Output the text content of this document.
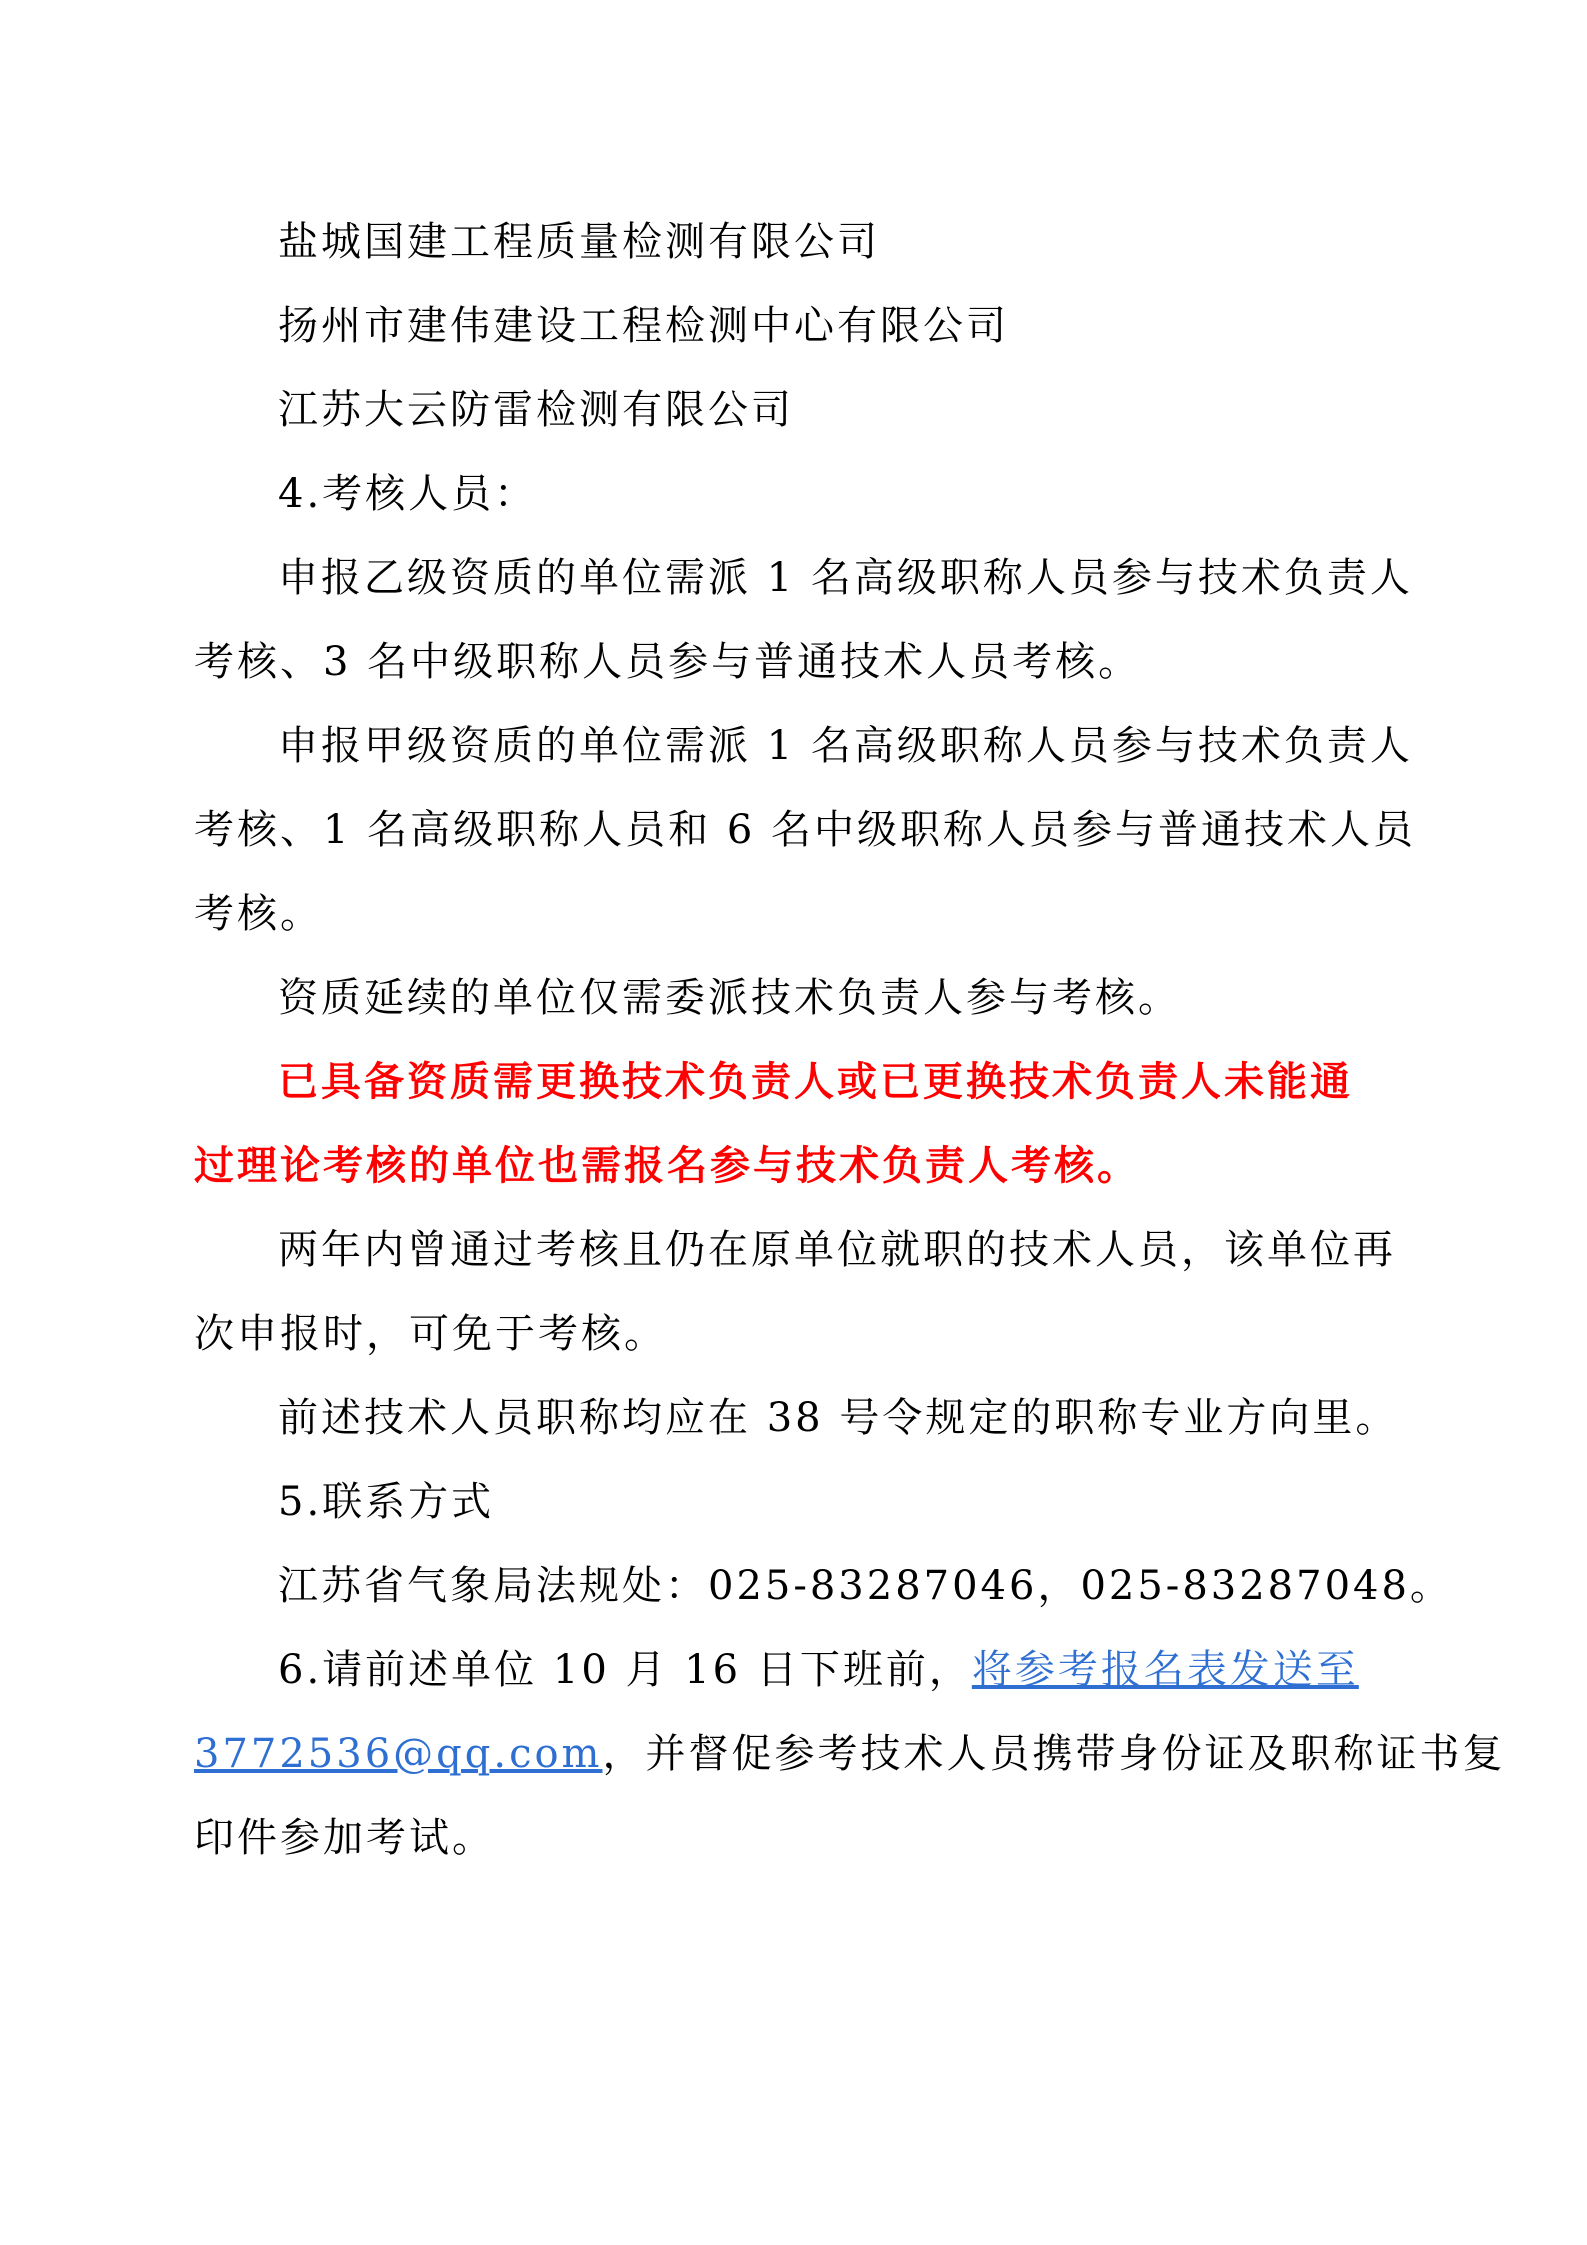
盐城国建工程质量检测有限公司
扬州市建伟建设工程检测中心有限公司
江苏大云防雷检测有限公司
4.考核人员：
申报乙级资质的单位需派 1 名高级职称人员参与技术负责人
考核、3 名中级职称人员参与普通技术人员考核。
申报甲级资质的单位需派 1 名高级职称人员参与技术负责人
考核、1 名高级职称人员和 6 名中级职称人员参与普通技术人员
考核。
资质延续的单位仅需委派技术负责人参与考核。
已具备资质需更换技术负责人或已更换技术负责人未能通
过理论考核的单位也需报名参与技术负责人考核。
两年内曾通过考核且仍在原单位就职的技术人员，该单位再
次申报时，可免于考核。
前述技术人员职称均应在 38 号令规定的职称专业方向里。
5.联系方式
江苏省气象局法规处：025-83287046，025-83287048。
6.请前述单位 10 月 16 日下班前，将参考报名表发送至
3772536@qq.com，并督促参考技术人员携带身份证及职称证书复
印件参加考试。
